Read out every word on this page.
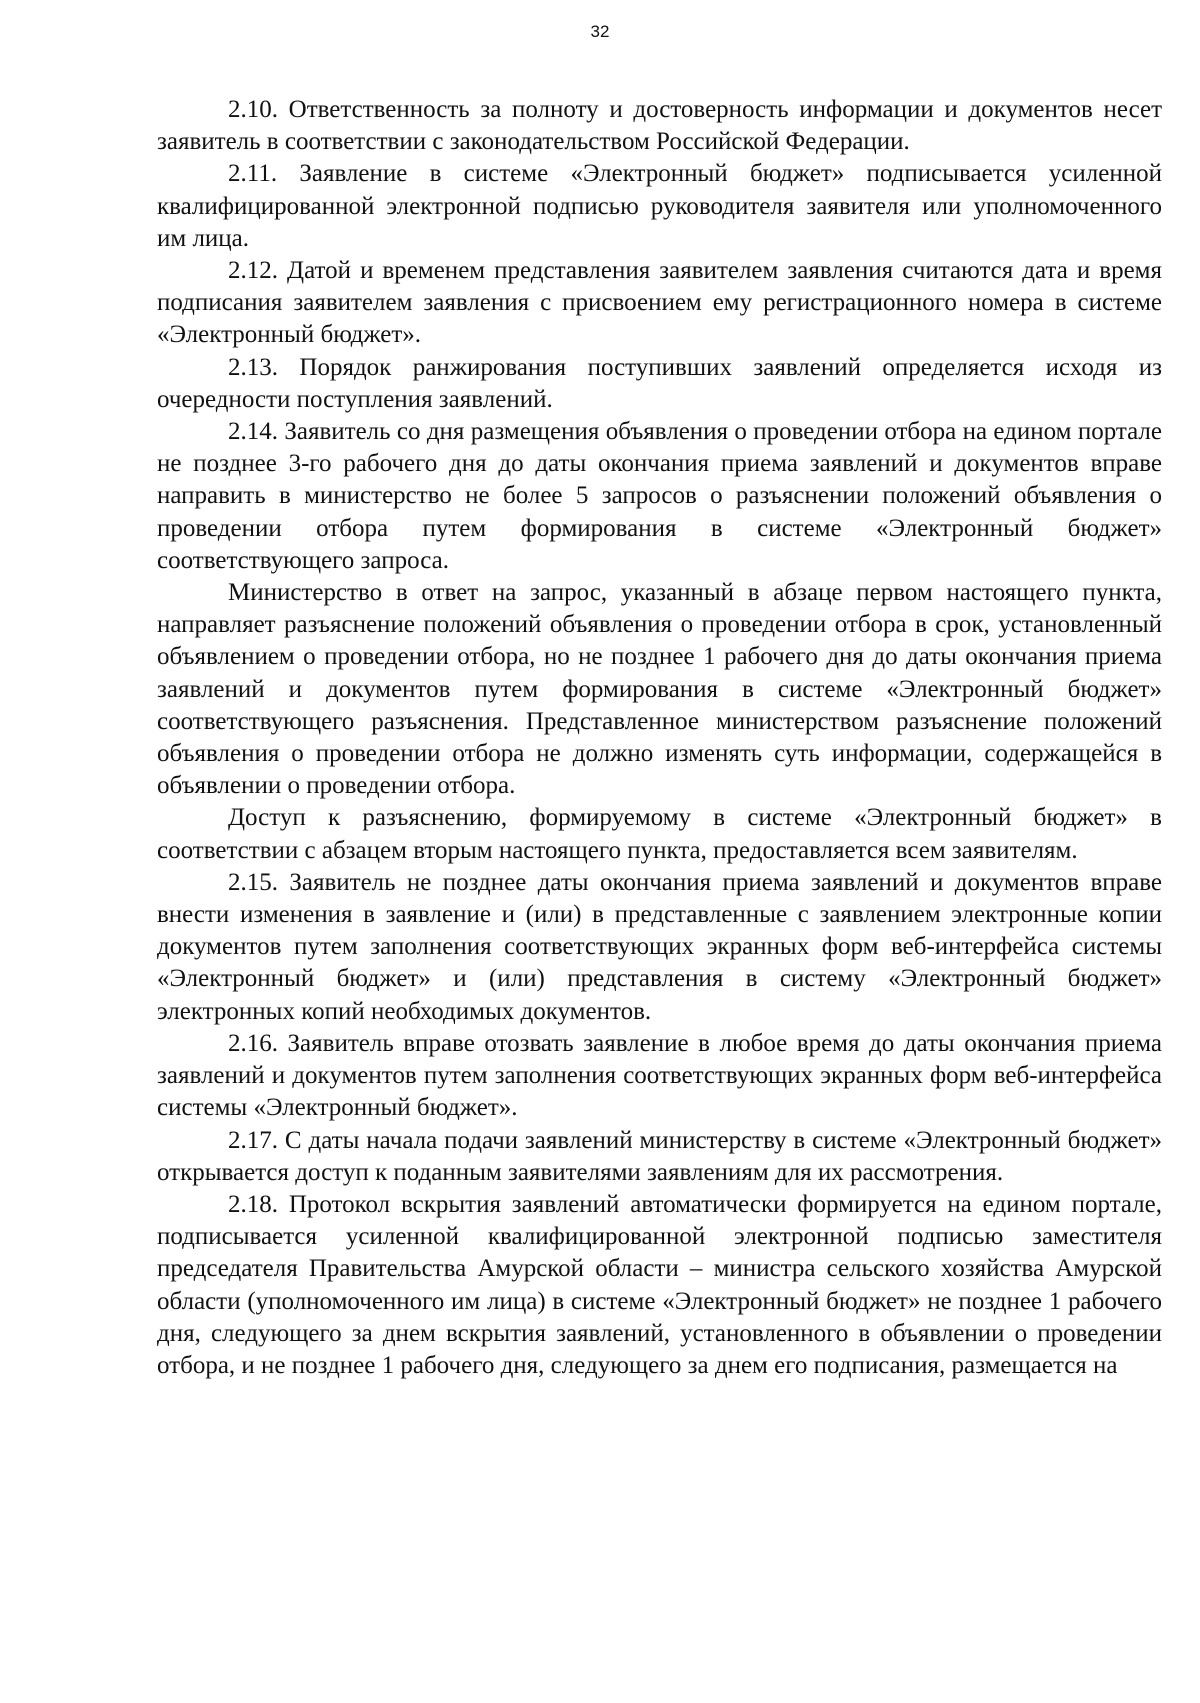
32

2.10. Ответственность за полноту и достоверность информации и документов несет заявитель в соответствии с законодательством Российской Федерации.

2.11. Заявление в системе «Электронный бюджет» подписывается усиленной квалифицированной электронной подписью руководителя заявителя или уполномоченного им лица.

2.12. Датой и временем представления заявителем заявления считаются дата и время подписания заявителем заявления с присвоением ему регистрационного номера в системе «Электронный бюджет».

2.13. Порядок ранжирования поступивших заявлений определяется исходя из очередности поступления заявлений.

2.14. Заявитель со дня размещения объявления о проведении отбора на едином портале не позднее 3-го рабочего дня до даты окончания приема заявлений и документов вправе направить в министерство не более 5 запросов о разъяснении положений объявления о проведении отбора путем формирования в системе «Электронный бюджет» соответствующего запроса.

Министерство в ответ на запрос, указанный в абзаце первом настоящего пункта, направляет разъяснение положений объявления о проведении отбора в срок, установленный объявлением о проведении отбора, но не позднее 1 рабочего дня до даты окончания приема заявлений и документов путем формирования в системе «Электронный бюджет» соответствующего разъяснения. Представленное министерством разъяснение положений объявления о проведении отбора не должно изменять суть информации, содержащейся в объявлении о проведении отбора.

Доступ к разъяснению, формируемому в системе «Электронный бюджет» в соответствии с абзацем вторым настоящего пункта, предоставляется всем заявителям.

2.15. Заявитель не позднее даты окончания приема заявлений и документов вправе внести изменения в заявление и (или) в представленные с заявлением электронные копии документов путем заполнения соответствующих экранных форм веб-интерфейса системы «Электронный бюджет» и (или) представления в систему «Электронный бюджет» электронных копий необходимых документов.

2.16. Заявитель вправе отозвать заявление в любое время до даты окончания приема заявлений и документов путем заполнения соответствующих экранных форм веб-интерфейса системы «Электронный бюджет».

2.17. С даты начала подачи заявлений министерству в системе «Электронный бюджет» открывается доступ к поданным заявителями заявлениям для их рассмотрения.

2.18. Протокол вскрытия заявлений автоматически формируется на едином портале, подписывается усиленной квалифицированной электронной подписью заместителя председателя Правительства Амурской области – министра сельского хозяйства Амурской области (уполномоченного им лица) в системе «Электронный бюджет» не позднее 1 рабочего дня, следующего за днем вскрытия заявлений, установленного в объявлении о проведении отбора, и не позднее 1 рабочего дня, следующего за днем его подписания, размещается на
